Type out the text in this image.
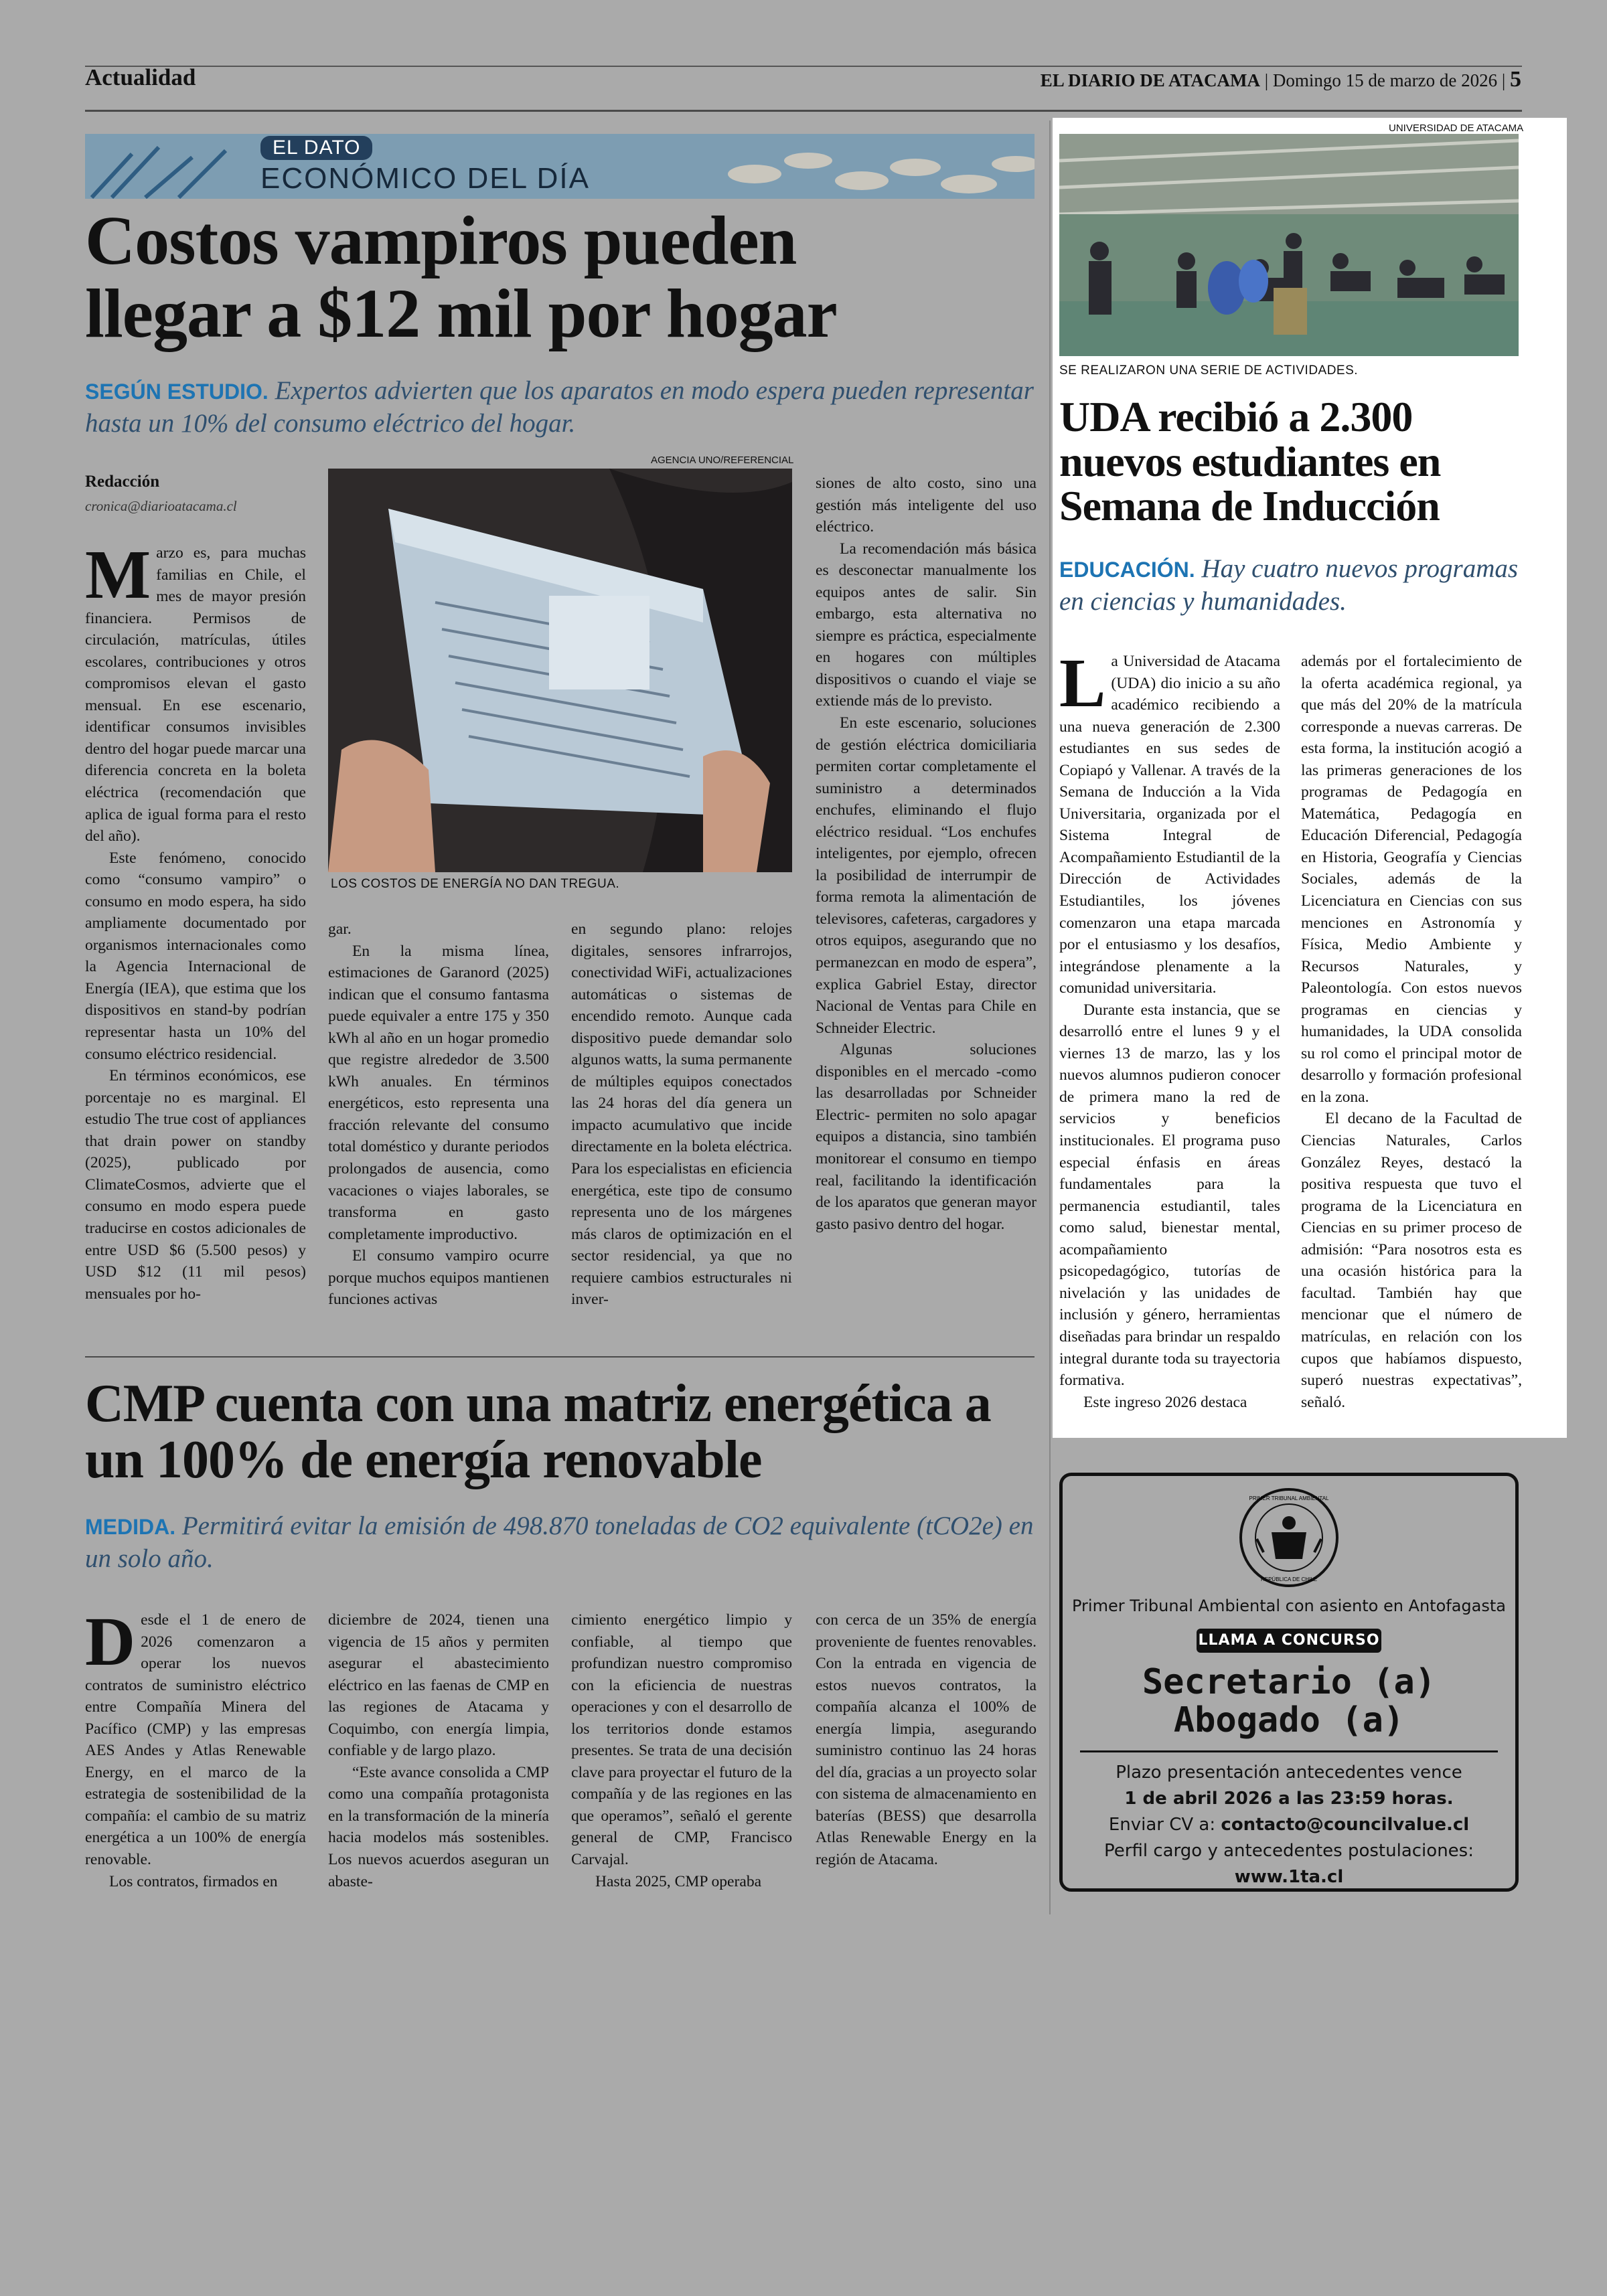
Actualidad	EL DIARIO DE ATACAMA | Domingo 15 de marzo de 2026 | 5
EL DATO
ECONÓMICO DEL DÍA
Costos vampiros pueden
llegar a $12 mil por hogar
SEGÚN ESTUDIO. Expertos advierten que los aparatos en modo espera pueden representar hasta un 10% del consumo eléctrico del hogar.
Redacción
cronica@diarioatacama.cl
AGENCIA UNO/REFERENCIAL
LOS COSTOS DE ENERGÍA NO DAN TREGUA.

Marzo es, para muchas familias en Chile, el mes de mayor presión financiera. Permisos de circulación, matrículas, útiles escolares, contribuciones y otros compromisos elevan el gasto mensual. En ese escenario, identificar consumos invisibles dentro del hogar puede marcar una diferencia concreta en la boleta eléctrica (recomendación que aplica de igual forma para el resto del año).

Este fenómeno, conocido como “consumo vampiro” o consumo en modo espera, ha sido ampliamente documentado por organismos internacionales como la Agencia Internacional de Energía (IEA), que estima que los dispositivos en stand-by podrían representar hasta un 10% del consumo eléctrico residencial.

En términos económicos, ese porcentaje no es marginal. El estudio The true cost of appliances that drain power on standby (2025), publicado por ClimateCosmos, advierte que el consumo en modo espera puede traducirse en costos adicionales de entre USD $6 (5.500 pesos) y USD $12 (11 mil pesos) mensuales por ho-

gar.

En la misma línea, estimaciones de Garanord (2025) indican que el consumo fantasma puede equivaler a entre 175 y 350 kWh al año en un hogar promedio que registre alrededor de 3.500 kWh anuales. En términos energéticos, esto representa una fracción relevante del consumo total doméstico y durante periodos prolongados de ausencia, como vacaciones o viajes laborales, se transforma en gasto completamente improductivo.

El consumo vampiro ocurre porque muchos equipos mantienen funciones activas

en segundo plano: relojes digitales, sensores infrarrojos, conectividad WiFi, actualizaciones automáticas o sistemas de encendido remoto. Aunque cada dispositivo puede demandar solo algunos watts, la suma permanente de múltiples equipos conectados las 24 horas del día genera un impacto acumulativo que incide directamente en la boleta eléctrica. Para los especialistas en eficiencia energética, este tipo de consumo representa uno de los márgenes más claros de optimización en el sector residencial, ya que no requiere cambios estructurales ni inver-

siones de alto costo, sino una gestión más inteligente del uso eléctrico.

La recomendación más básica es desconectar manualmente los equipos antes de salir. Sin embargo, esta alternativa no siempre es práctica, especialmente en hogares con múltiples dispositivos o cuando el viaje se extiende más de lo previsto.

En este escenario, soluciones de gestión eléctrica domiciliaria permiten cortar completamente el suministro a determinados enchufes, eliminando el flujo eléctrico residual. “Los enchufes inteligentes, por ejemplo, ofrecen la posibilidad de interrumpir de forma remota la alimentación de televisores, cafeteras, cargadores y otros equipos, asegurando que no permanezcan en modo de espera”, explica Gabriel Estay, director Nacional de Ventas para Chile en Schneider Electric.

Algunas soluciones disponibles en el mercado -como las desarrolladas por Schneider Electric- permiten no solo apagar equipos a distancia, sino también monitorear el consumo en tiempo real, facilitando la identificación de los aparatos que generan mayor gasto pasivo dentro del hogar.

CMP cuenta con una matriz energética a
un 100% de energía renovable
MEDIDA. Permitirá evitar la emisión de 498.870 toneladas de CO2 equivalente (tCO2e) en un solo año.

Desde el 1 de enero de 2026 comenzaron a operar los nuevos contratos de suministro eléctrico entre Compañía Minera del Pacífico (CMP) y las empresas AES Andes y Atlas Renewable Energy, en el marco de la estrategia de sostenibilidad de la compañía: el cambio de su matriz energética a un 100% de energía renovable.

Los contratos, firmados en

diciembre de 2024, tienen una vigencia de 15 años y permiten asegurar el abastecimiento eléctrico en las faenas de CMP en las regiones de Atacama y Coquimbo, con energía limpia, confiable y de largo plazo.

“Este avance consolida a CMP como una compañía protagonista en la transformación de la minería hacia modelos más sostenibles. Los nuevos acuerdos aseguran un abaste-

cimiento energético limpio y confiable, al tiempo que profundizan nuestro compromiso con la eficiencia de nuestras operaciones y con el desarrollo de los territorios donde estamos presentes. Se trata de una decisión clave para proyectar el futuro de la compañía y de las regiones en las que operamos”, señaló el gerente general de CMP, Francisco Carvajal.

Hasta 2025, CMP operaba

con cerca de un 35% de energía proveniente de fuentes renovables. Con la entrada en vigencia de estos nuevos contratos, la compañía alcanza el 100% de energía limpia, asegurando suministro continuo las 24 horas del día, gracias a un proyecto solar con sistema de almacenamiento en baterías (BESS) que desarrolla Atlas Renewable Energy en la región de Atacama.

UNIVERSIDAD DE ATACAMA
SE REALIZARON UNA SERIE DE ACTIVIDADES.
UDA recibió a 2.300
nuevos estudiantes en
Semana de Inducción
EDUCACIÓN. Hay cuatro nuevos programas en ciencias y humanidades.

La Universidad de Atacama (UDA) dio inicio a su año académico recibiendo a una nueva generación de 2.300 estudiantes en sus sedes de Copiapó y Vallenar. A través de la Semana de Inducción a la Vida Universitaria, organizada por el Sistema Integral de Acompañamiento Estudiantil de la Dirección de Actividades Estudiantiles, los jóvenes comenzaron una etapa marcada por el entusiasmo y los desafíos, integrándose plenamente a la comunidad universitaria.

Durante esta instancia, que se desarrolló entre el lunes 9 y el viernes 13 de marzo, las y los nuevos alumnos pudieron conocer de primera mano la red de servicios y beneficios institucionales. El programa puso especial énfasis en áreas fundamentales para la permanencia estudiantil, tales como salud, bienestar mental, acompañamiento psicopedagógico, tutorías de nivelación y las unidades de inclusión y género, herramientas diseñadas para brindar un respaldo integral durante toda su trayectoria formativa.

Este ingreso 2026 destaca

además por el fortalecimiento de la oferta académica regional, ya que más del 20% de la matrícula corresponde a nuevas carreras. De esta forma, la institución acogió a las primeras generaciones de los programas de Pedagogía en Matemática, Pedagogía en Educación Diferencial, Pedagogía en Historia, Geografía y Ciencias Sociales, además de la Licenciatura en Ciencias con sus menciones en Astronomía y Física, Medio Ambiente y Recursos Naturales, y Paleontología. Con estos nuevos programas en ciencias y humanidades, la UDA consolida su rol como el principal motor de desarrollo y formación profesional en la zona.

El decano de la Facultad de Ciencias Naturales, Carlos González Reyes, destacó la positiva respuesta que tuvo el programa de la Licenciatura en Ciencias en su primer proceso de admisión: “Para nosotros esta es una ocasión histórica para la facultad. También hay que mencionar que el número de matrículas, en relación con los cupos que habíamos dispuesto, superó nuestras expectativas”, señaló.

PRIMER TRIBUNAL AMBIENTAL
REPÚBLICA DE CHILE
Primer Tribunal Ambiental con asiento en Antofagasta
LLAMA A CONCURSO
Secretario (a)
Abogado (a)
Plazo presentación antecedentes vence
1 de abril 2026 a las 23:59 horas.
Enviar CV a: contacto@councilvalue.cl
Perfil cargo y antecedentes postulaciones:
www.1ta.cl
